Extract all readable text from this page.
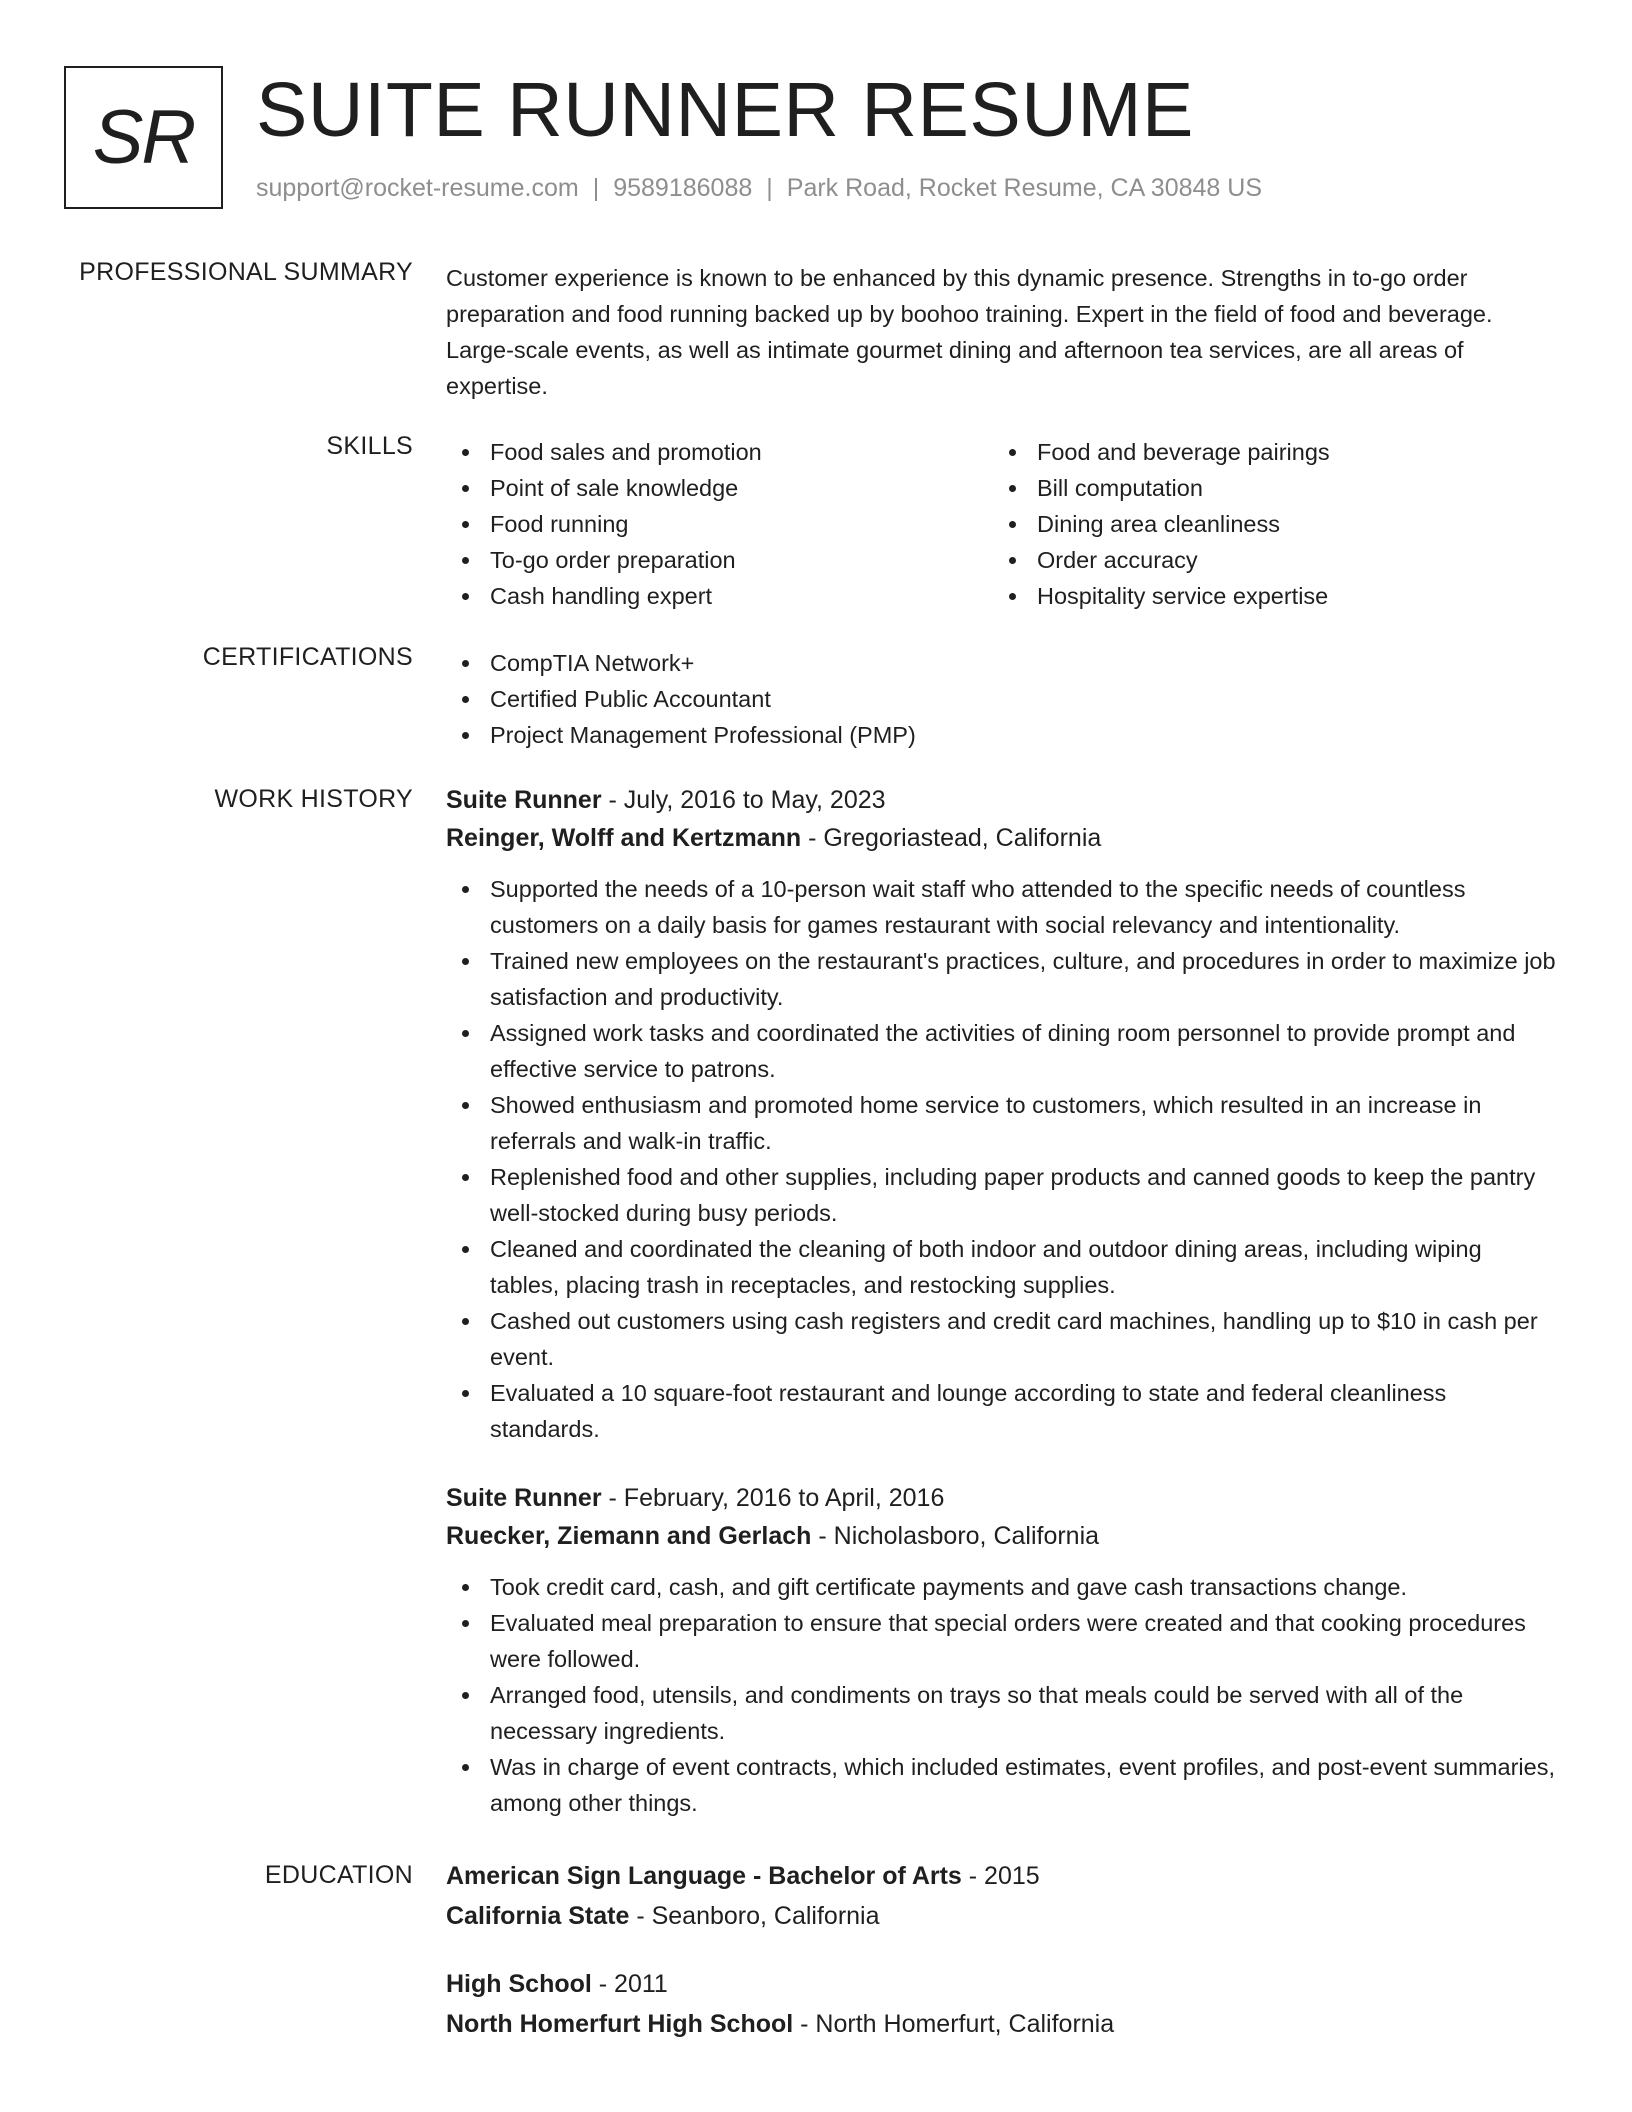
SR SUITE RUNNER RESUME
support@rocket-resume.com | 9589186088 | Park Road, Rocket Resume, CA 30848 US
PROFESSIONAL SUMMARY Customer experience is known to be enhanced by this dynamic presence. Strengths in to-go order preparation and food running backed up by boohoo training. Expert in the field of food and beverage. Large-scale events, as well as intimate gourmet dining and afternoon tea services, are all areas of expertise.
SKILLS	Food sales and promotion	Food and beverage pairings
Point of sale knowledge	Bill computation
Food running	Dining area cleanliness
To-go order preparation	Order accuracy
Cash handling expert	Hospitality service expertise
CERTIFICATIONS	CompTIA Network+
Certified Public Accountant
Project Management Professional (PMP)
WORK HISTORY Suite Runner - July, 2016 to May, 2023
Reinger, Wolff and Kertzmann - Gregoriastead, California
Supported the needs of a 10-person wait staff who attended to the specific needs of countless customers on a daily basis for games restaurant with social relevancy and intentionality.
Trained new employees on the restaurant's practices, culture, and procedures in order to maximize job satisfaction and productivity.
Assigned work tasks and coordinated the activities of dining room personnel to provide prompt and effective service to patrons.
Showed enthusiasm and promoted home service to customers, which resulted in an increase in referrals and walk-in traffic.
Replenished food and other supplies, including paper products and canned goods to keep the pantry well-stocked during busy periods.
Cleaned and coordinated the cleaning of both indoor and outdoor dining areas, including wiping tables, placing trash in receptacles, and restocking supplies.
Cashed out customers using cash registers and credit card machines, handling up to $10 in cash per event.
Evaluated a 10 square-foot restaurant and lounge according to state and federal cleanliness standards.
Suite Runner - February, 2016 to April, 2016
Ruecker, Ziemann and Gerlach - Nicholasboro, California
Took credit card, cash, and gift certificate payments and gave cash transactions change.
Evaluated meal preparation to ensure that special orders were created and that cooking procedures were followed.
Arranged food, utensils, and condiments on trays so that meals could be served with all of the necessary ingredients.
Was in charge of event contracts, which included estimates, event profiles, and post-event summaries, among other things.
EDUCATION American Sign Language - Bachelor of Arts - 2015
California State - Seanboro, California
High School - 2011
North Homerfurt High School - North Homerfurt, California
